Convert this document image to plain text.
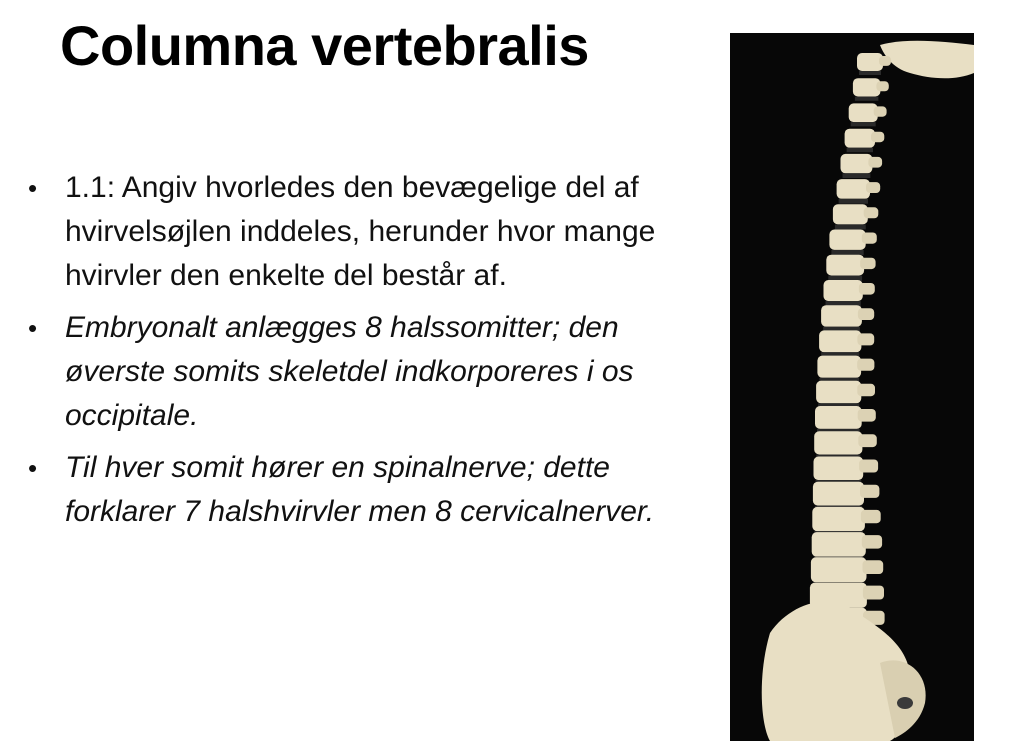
Columna vertebralis
• 1.1: Angiv hvorledes den bevægelige del af hvirvelsøjlen inddeles, herunder hvor mange hvirvler den enkelte del består af.
• Embryonalt anlægges 8 halssomitter; den øverste somits skeletdel indkorporeres i os occipitale.
• Til hver somit hører en spinalnerve; dette forklarer 7 halshvirvler men 8 cervicalnerver.
